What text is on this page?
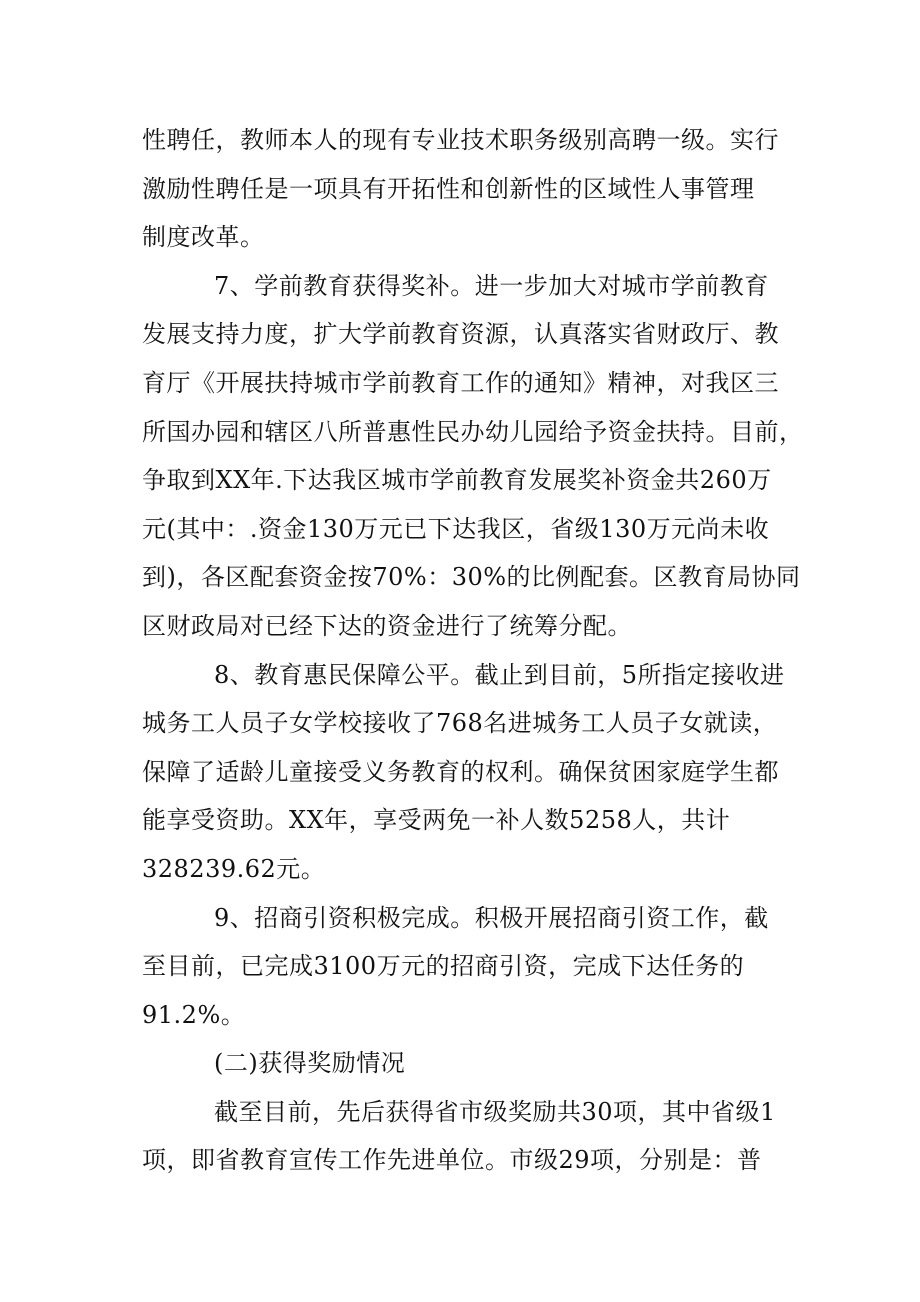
性聘任，教师本人的现有专业技术职务级别高聘一级。实行
激励性聘任是一项具有开拓性和创新性的区域性人事管理
制度改革。
7、学前教育获得奖补。进一步加大对城市学前教育
发展支持力度，扩大学前教育资源，认真落实省财政厅、教
育厅《开展扶持城市学前教育工作的通知》精神，对我区三
所国办园和辖区八所普惠性民办幼儿园给予资金扶持。目前，
争取到XX年.下达我区城市学前教育发展奖补资金共260万
元(其中：.资金130万元已下达我区，省级130万元尚未收
到)，各区配套资金按70%：30%的比例配套。区教育局协同
区财政局对已经下达的资金进行了统筹分配。
8、教育惠民保障公平。截止到目前，5所指定接收进
城务工人员子女学校接收了768名进城务工人员子女就读，
保障了适龄儿童接受义务教育的权利。确保贫困家庭学生都
能享受资助。XX年，享受两免一补人数5258人，共计
328239.62元。
9、招商引资积极完成。积极开展招商引资工作，截
至目前，已完成3100万元的招商引资，完成下达任务的
91.2%。
(二)获得奖励情况
截至目前，先后获得省市级奖励共30项，其中省级1
项，即省教育宣传工作先进单位。市级29项，分别是：普
